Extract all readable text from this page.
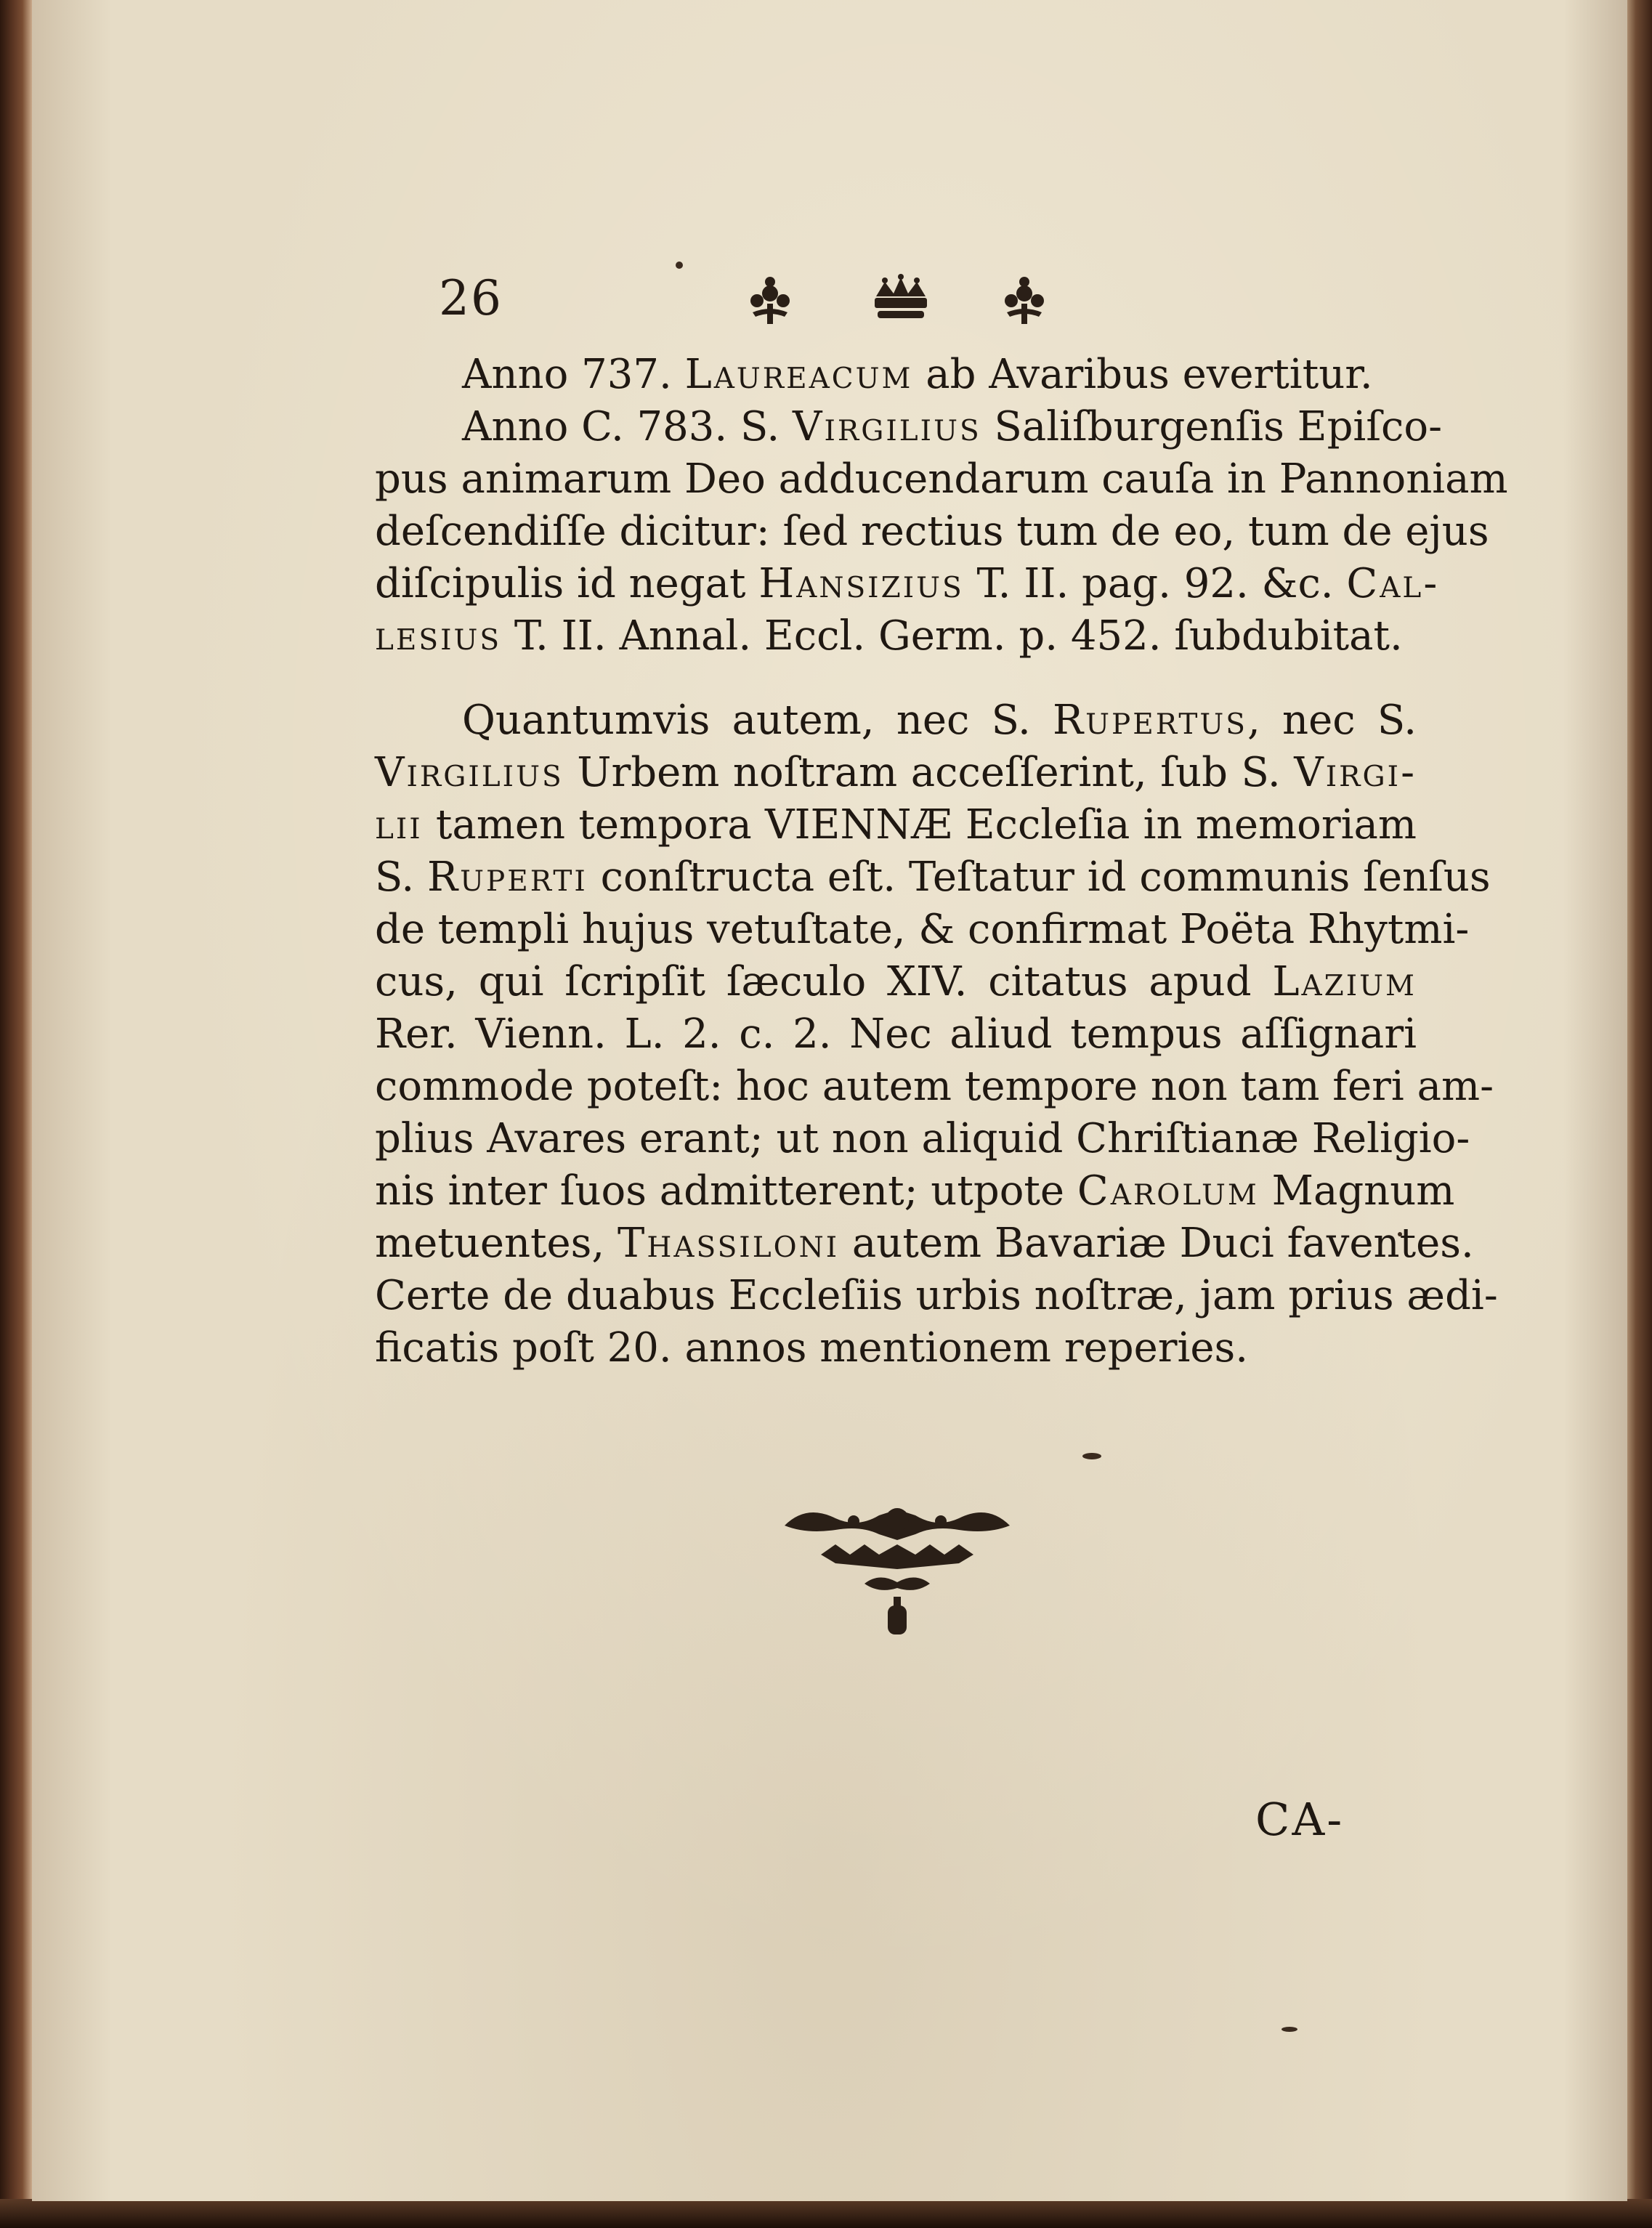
26
Anno 737. Laureacum ab Avaribus evertitur.
Anno C. 783. S. Virgilius Saliſburgenſis Epiſco-
pus animarum Deo adducendarum cauſa in Pannoniam
deſcendiſſe dicitur: ſed rectius tum de eo, tum de ejus
diſcipulis id negat Hansizius T. II. pag. 92. &c. Cal-
lesius T. II. Annal. Eccl. Germ. p. 452. ſubdubitat.
Quantumvis autem, nec S. Rupertus, nec S.
Virgilius Urbem noſtram acceſſerint, ſub S. Virgi-
lii tamen tempora VIENNÆ Eccleſia in memoriam
S. Ruperti conſtructa eſt. Teſtatur id communis ſenſus
de templi hujus vetuſtate, & confirmat Poëta Rhytmi-
cus, qui ſcripſit ſæculo XIV. citatus apud Lazium
Rer. Vienn. L. 2. c. 2. Nec aliud tempus aſſignari
commode poteſt: hoc autem tempore non tam feri am-
plius Avares erant; ut non aliquid Chriſtianæ Religio-
nis inter ſuos admitterent; utpote Carolum Magnum
metuentes, Thassiloni autem Bavariæ Duci faventes.
Certe de duabus Eccleſiis urbis noſtræ, jam prius ædi-
ficatis poſt 20. annos mentionem reperies.
CA-
